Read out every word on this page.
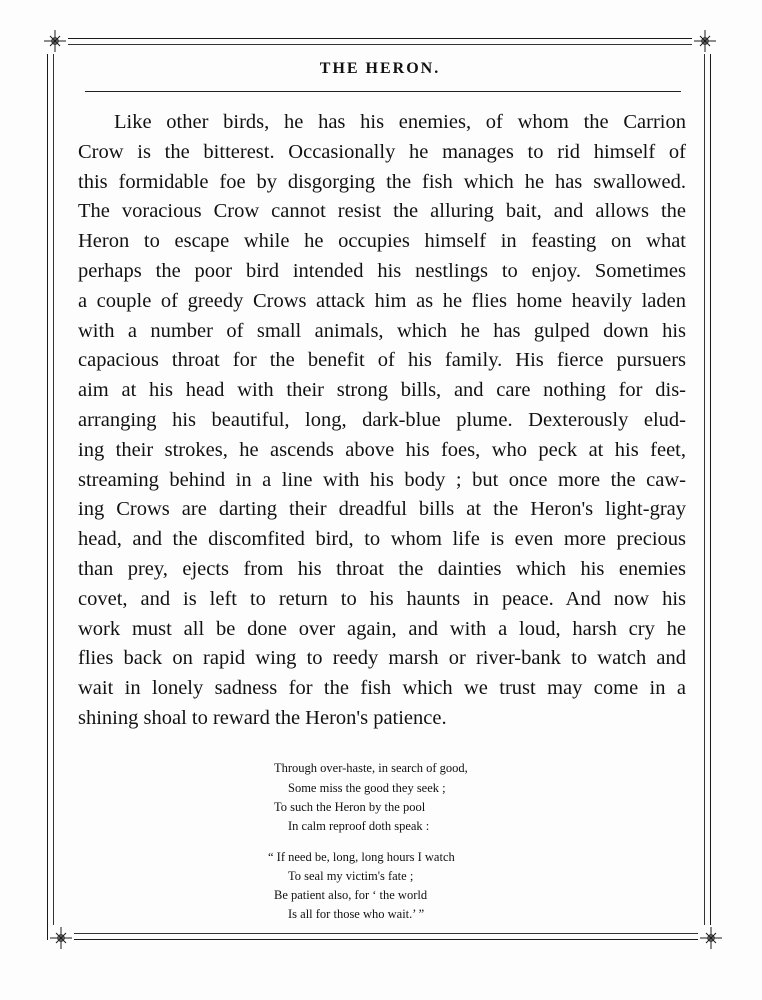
THE HERON.
Like other birds, he has his enemies, of whom the Carrion
Crow is the bitterest. Occasionally he manages to rid himself of
this formidable foe by disgorging the fish which he has swallowed.
The voracious Crow cannot resist the alluring bait, and allows the
Heron to escape while he occupies himself in feasting on what
perhaps the poor bird intended his nestlings to enjoy. Sometimes
a couple of greedy Crows attack him as he flies home heavily laden
with a number of small animals, which he has gulped down his
capacious throat for the benefit of his family. His fierce pursuers
aim at his head with their strong bills, and care nothing for dis-
arranging his beautiful, long, dark-blue plume. Dexterously elud-
ing their strokes, he ascends above his foes, who peck at his feet,
streaming behind in a line with his body ; but once more the caw-
ing Crows are darting their dreadful bills at the Heron's light-gray
head, and the discomfited bird, to whom life is even more precious
than prey, ejects from his throat the dainties which his enemies
covet, and is left to return to his haunts in peace. And now his
work must all be done over again, and with a loud, harsh cry he
flies back on rapid wing to reedy marsh or river-bank to watch and
wait in lonely sadness for the fish which we trust may come in a
shining shoal to reward the Heron's patience.
Through over-haste, in search of good,
Some miss the good they seek ;
To such the Heron by the pool
In calm reproof doth speak :
“ If need be, long, long hours I watch
To seal my victim's fate ;
Be patient also, for ‘ the world
Is all for those who wait.’ ”
